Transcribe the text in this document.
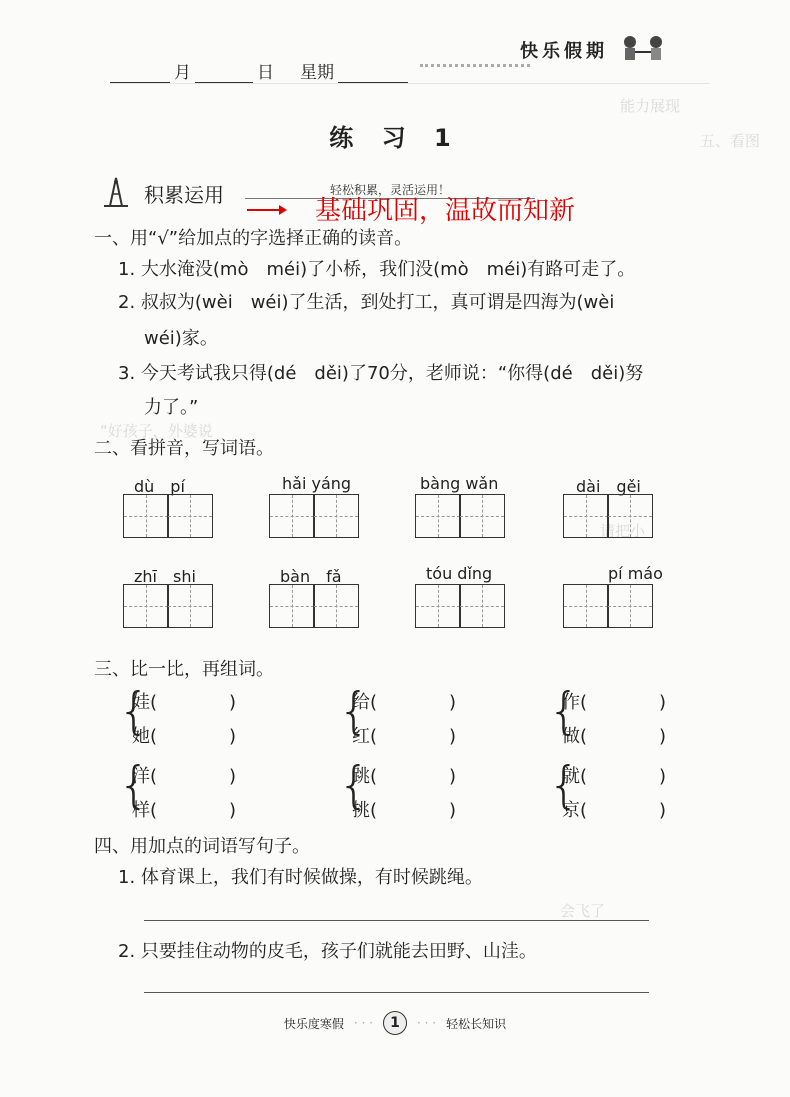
能力展现
五、看图
“好孩子，外婆说
请把小
会飞了
月	日 星期
快乐假期
练 习 1
积累运用	轻松积累，灵活运用！
基础巩固，温故而知新
一、用“√”给加点的字选择正确的读音。
1. 大水淹没(mò　méi)了小桥，我们没(mò　méi)有路可走了。
2. 叔叔为(wèi　wéi)了生活，到处打工，真可谓是四海为(wèi
wéi)家。
3. 今天考试我只得(dé　děi)了70分，老师说：“你得(dé　děi)努
力了。”
二、看拼音，写词语。
dù　pí	hǎi yáng	bàng wǎn	dài　gěi
zhī　shi	bàn　fǎ	tóu dǐng	pí máo
三、比一比，再组词。
{
娃(　　　　)
她(　　　　) {
给(　　　　)
红(　　　　) {
作(　　　　)
做(　　　　)
{
洋(　　　　)
样(　　　　) {
跳(　　　　)
挑(　　　　) {
就(　　　　)
京(　　　　)
四、用加点的词语写句子。
1. 体育课上，我们有时候做操，有时候跳绳。
2. 只要挂住动物的皮毛，孩子们就能去田野、山洼。
快乐度寒假 · · ·	1	· · · 轻松长知识
